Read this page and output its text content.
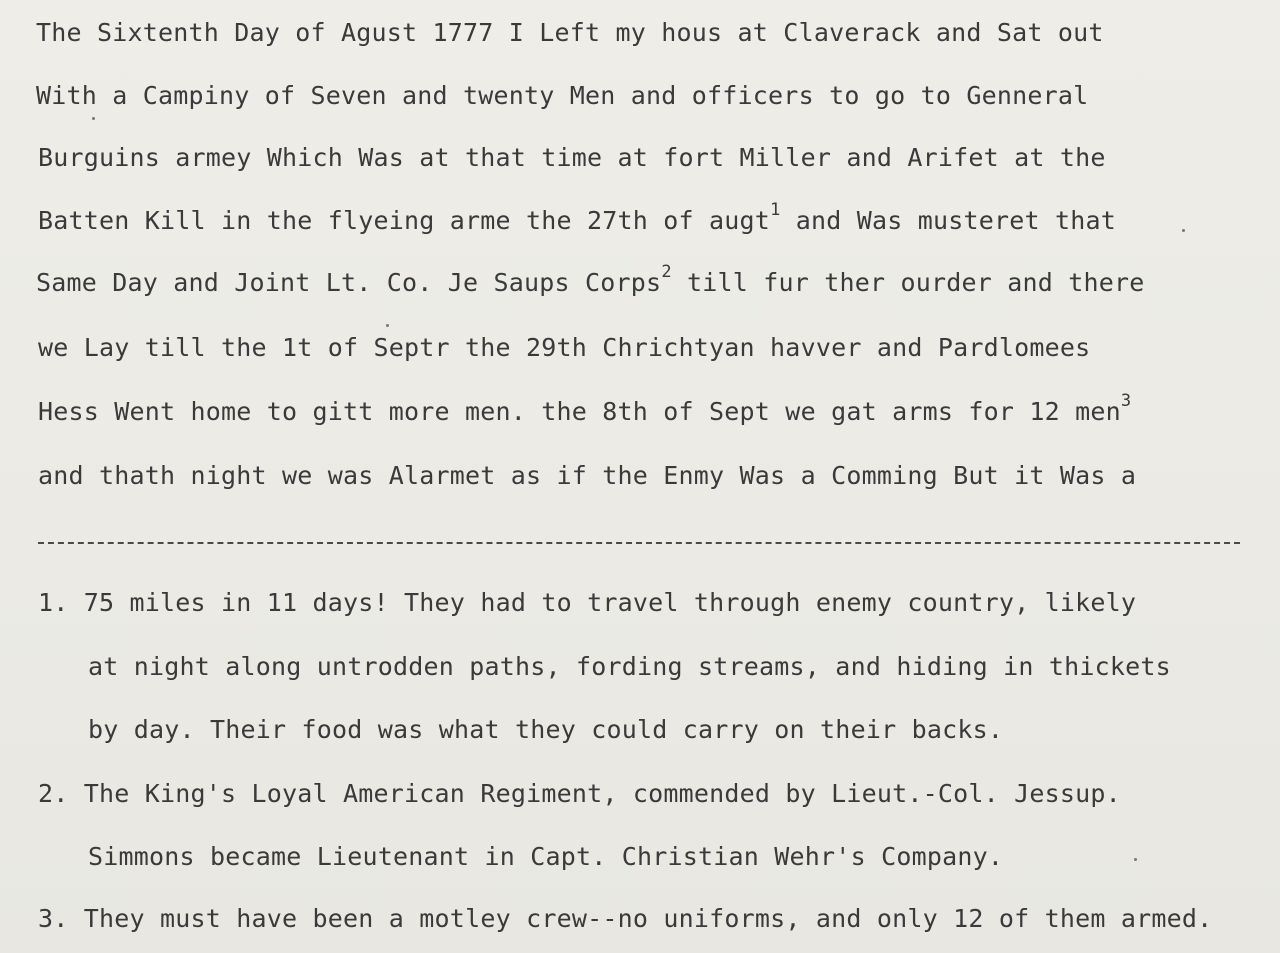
The Sixtenth Day of Agust 1777 I Left my hous at Claverack and Sat out
With a Campiny of Seven and twenty Men and officers to go to Genneral
Burguins armey Which Was at that time at fort Miller and Arifet at the
Batten Kill in the flyeing arme the 27th of augt$^1$ and Was musteret that
Same Day and Joint Lt. Co. Je Saups Corps$^2$ till fur ther ourder and there
we Lay till the 1t of Septr the 29th Chrichtyan havver and Pardlomees
Hess Went home to gitt more men. the 8th of Sept we gat arms for 12 men$^3$
and thath night we was Alarmet as if the Enmy Was a Comming But it Was a
1. 75 miles in 11 days! They had to travel through enemy country, likely
at night along untrodden paths, fording streams, and hiding in thickets
by day. Their food was what they could carry on their backs.
2. The King's Loyal American Regiment, commended by Lieut.-Col. Jessup.
Simmons became Lieutenant in Capt. Christian Wehr's Company.
3. They must have been a motley crew--no uniforms, and only 12 of them armed.
